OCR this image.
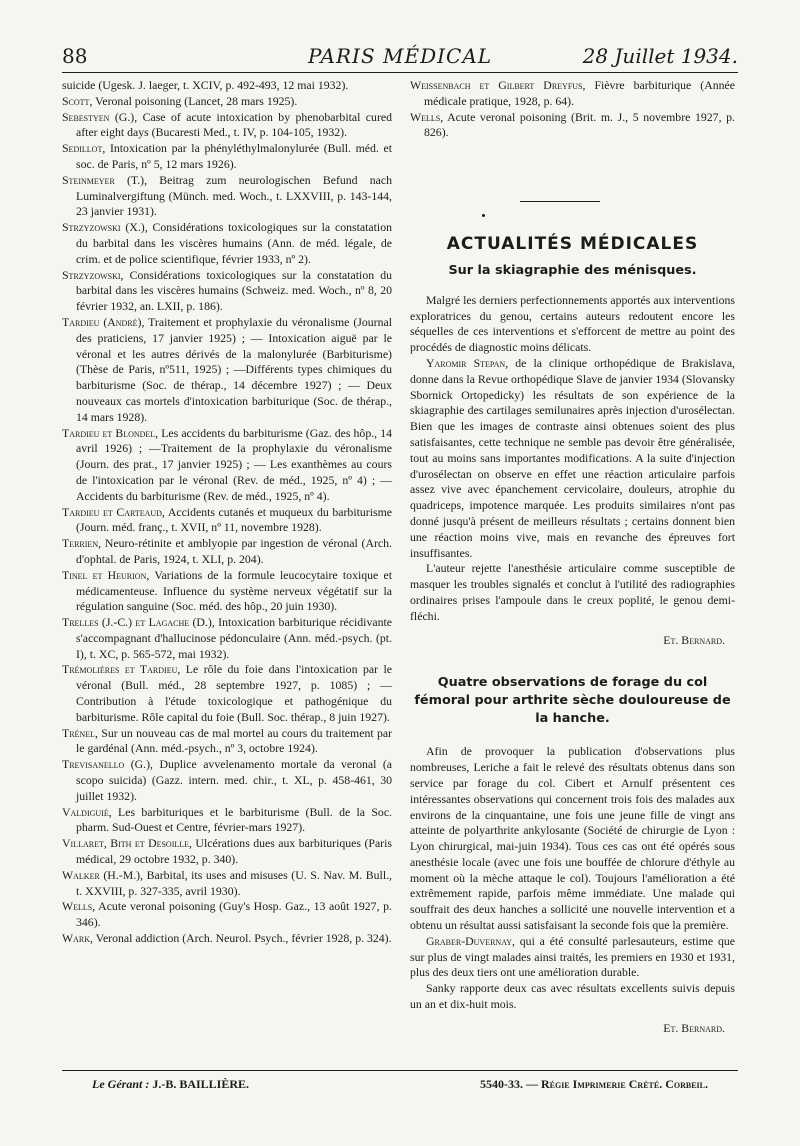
88	PARIS MÉDICAL	28 Juillet 1934.

suicide (Ugesk. J. laeger, t. XCIV, p. 492-493, 12 mai 1932).

Scott, Veronal poisoning (Lancet, 28 mars 1925).

Sebestyen (G.), Case of acute intoxication by phenobarbital cured after eight days (Bucaresti Med., t. IV, p. 104-105, 1932).

Sedillot, Intoxication par la phényléthylmalonylurée (Bull. méd. et soc. de Paris, nº 5, 12 mars 1926).

Steinmeyer (T.), Beitrag zum neurologischen Befund nach Luminalvergiftung (Münch. med. Woch., t. LXXVIII, p. 143-144, 23 janvier 1931).

Strzyzowski (X.), Considérations toxicologiques sur la constatation du barbital dans les viscères humains (Ann. de méd. légale, de crim. et de police scientifique, février 1933, nº 2).

Strzyzowski, Considérations toxicologiques sur la constatation du barbital dans les viscères humains (Schweiz. med. Woch., nº 8, 20 février 1932, an. LXII, p. 186).

Tardieu (André), Traitement et prophylaxie du véronalisme (Journal des praticiens, 17 janvier 1925) ; — Intoxication aiguë par le véronal et les autres dérivés de la malonylurée (Barbiturisme) (Thèse de Paris, nº511, 1925) ; —Différents types chimiques du barbiturisme (Soc. de thérap., 14 décembre 1927) ; — Deux nouveaux cas mortels d'intoxication barbiturique (Soc. de thérap., 14 mars 1928).

Tardieu et Blondel, Les accidents du barbiturisme (Gaz. des hôp., 14 avril 1926) ; —Traitement de la prophylaxie du véronalisme (Journ. des prat., 17 janvier 1925) ; — Les exanthèmes au cours de l'intoxication par le véronal (Rev. de méd., 1925, nº 4) ; — Accidents du barbiturisme (Rev. de méd., 1925, nº 4).

Tardieu et Carteaud, Accidents cutanés et muqueux du barbiturisme (Journ. méd. franç., t. XVII, nº 11, novembre 1928).

Terrien, Neuro-rétinite et amblyopie par ingestion de véronal (Arch. d'ophtal. de Paris, 1924, t. XLI, p. 204).

Tinel et Heurion, Variations de la formule leucocytaire toxique et médicamenteuse. Influence du système nerveux végétatif sur la régulation sanguine (Soc. méd. des hôp., 20 juin 1930).

Trelles (J.-C.) et Lagache (D.), Intoxication barbiturique récidivante s'accompagnant d'hallucinose pédonculaire (Ann. méd.-psych. (pt. I), t. XC, p. 565-572, mai 1932).

Trémolières et Tardieu, Le rôle du foie dans l'intoxication par le véronal (Bull. méd., 28 septembre 1927, p. 1085) ; — Contribution à l'étude toxicologique et pathogénique du barbiturisme. Rôle capital du foie (Bull. Soc. thérap., 8 juin 1927).

Trénel, Sur un nouveau cas de mal mortel au cours du traitement par le gardénal (Ann. méd.-psych., nº 3, octobre 1924).

Trevisanello (G.), Duplice avvelenamento mortale da veronal (a scopo suicida) (Gazz. intern. med. chir., t. XL, p. 458-461, 30 juillet 1932).

Valdiguié, Les barbituriques et le barbiturisme (Bull. de la Soc. pharm. Sud-Ouest et Centre, février-mars 1927).

Villaret, Bith et Desoille, Ulcérations dues aux barbituriques (Paris médical, 29 octobre 1932, p. 340).

Walker (H.-M.), Barbital, its uses and misuses (U. S. Nav. M. Bull., t. XXVIII, p. 327-335, avril 1930).

Wells, Acute veronal poisoning (Guy's Hosp. Gaz., 13 août 1927, p. 346).

Wark, Veronal addiction (Arch. Neurol. Psych., février 1928, p. 324).

Weissenbach et Gilbert Dreyfus, Fièvre barbiturique (Année médicale pratique, 1928, p. 64).

Wells, Acute veronal poisoning (Brit. m. J., 5 novembre 1927, p. 826).

ACTUALITÉS MÉDICALES
Sur la skiagraphie des ménisques.

Malgré les derniers perfectionnements apportés aux interventions exploratrices du genou, certains auteurs redoutent encore les séquelles de ces interventions et s'efforcent de mettre au point des procédés de diagnostic moins délicats.

Yaromir Stepan, de la clinique orthopédique de Brakislava, donne dans la Revue orthopédique Slave de janvier 1934 (Slovansky Sbornick Ortopedicky) les résultats de son expérience de la skiagraphie des cartilages semilunaires après injection d'urosélectan. Bien que les images de contraste ainsi obtenues soient des plus satisfaisantes, cette technique ne semble pas devoir être généralisée, tout au moins sans importantes modifications. A la suite d'injection d'urosélectan on observe en effet une réaction articulaire parfois assez vive avec épanchement cervicolaire, douleurs, atrophie du quadriceps, impotence marquée. Les produits similaires n'ont pas donné jusqu'à présent de meilleurs résultats ; certains donnent bien une réaction moins vive, mais en revanche des épreuves fort insuffisantes.

L'auteur rejette l'anesthésie articulaire comme susceptible de masquer les troubles signalés et conclut à l'utilité des radiographies ordinaires prises l'ampoule dans le creux poplité, le genou demi-fléchi.

Et. Bernard.
Quatre observations de forage du col fémoral pour arthrite sèche douloureuse de la hanche.

Afin de provoquer la publication d'observations plus nombreuses, Leriche a fait le relevé des résultats obtenus dans son service par forage du col. Cibert et Arnulf présentent ces intéressantes observations qui concernent trois fois des malades aux environs de la cinquantaine, une fois une jeune fille de vingt ans atteinte de polyarthrite ankylosante (Société de chirurgie de Lyon : Lyon chirurgical, mai-juin 1934). Tous ces cas ont été opérés sous anesthésie locale (avec une fois une bouffée de chlorure d'éthyle au moment où la mèche attaque le col). Toujours l'amélioration a été extrêmement rapide, parfois même immédiate. Une malade qui souffrait des deux hanches a sollicité une nouvelle intervention et a obtenu un résultat aussi satisfaisant la seconde fois que la première.

Graber-Duvernay, qui a été consulté parlesauteurs, estime que sur plus de vingt malades ainsi traités, les premiers en 1930 et 1931, plus des deux tiers ont une amélioration durable.

Sanky rapporte deux cas avec résultats excellents suivis depuis un an et dix-huit mois.

Et. Bernard.
Le Gérant : J.-B. BAILLIÈRE.	5540-33. — Régie Imprimerie Crété. Corbeil.
